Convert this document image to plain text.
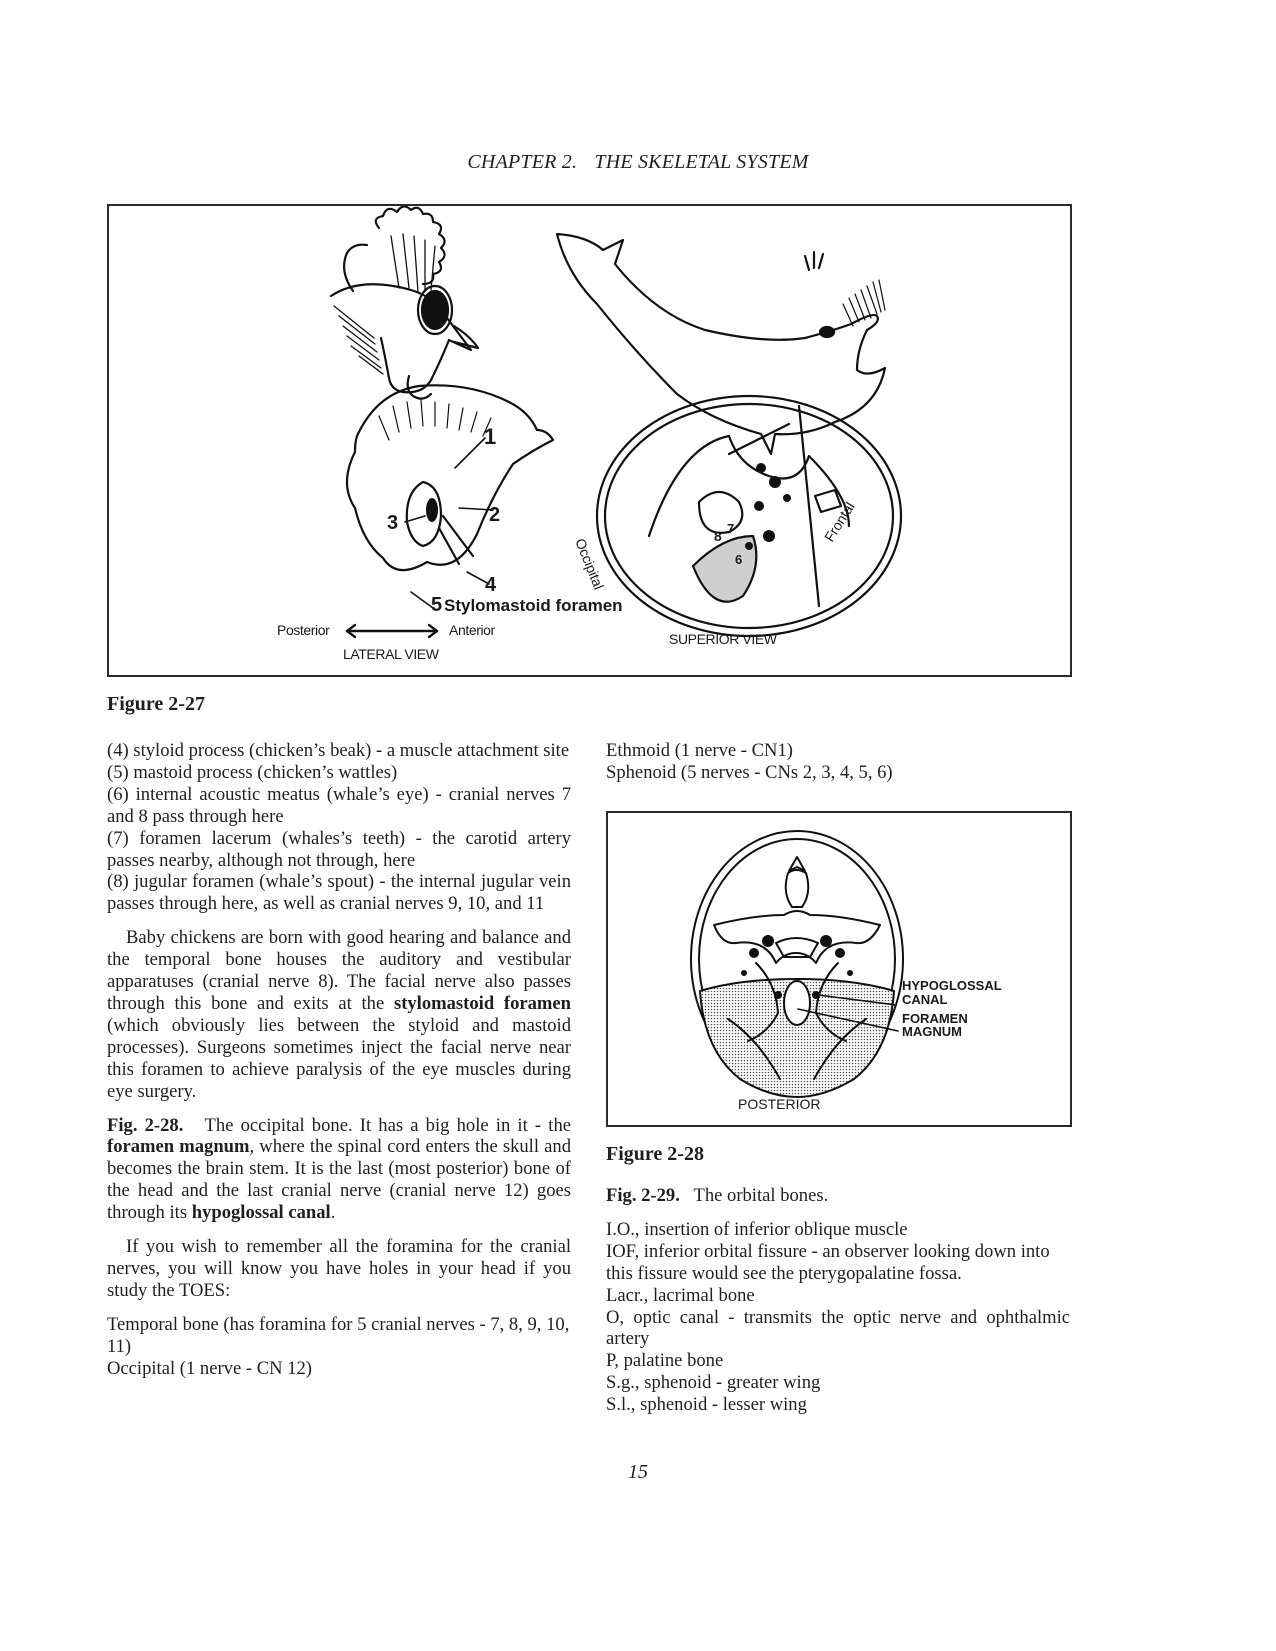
CHAPTER 2. THE SKELETAL SYSTEM
1
2
3
4
5 Stylomastoid foramen
Posterior	Anterior
LATERAL VIEW
SUPERIOR VIEW
Occipital
Frontal
8 7
6
Figure 2-27

(4) styloid process (chicken’s beak) - a muscle attachment site

(5) mastoid process (chicken’s wattles)

(6) internal acoustic meatus (whale’s eye) - cranial nerves 7 and 8 pass through here

(7) foramen lacerum (whales’s teeth) - the carotid artery passes nearby, although not through, here

(8) jugular foramen (whale’s spout) - the internal jugular vein passes through here, as well as cranial nerves 9, 10, and 11

Baby chickens are born with good hearing and balance and the temporal bone houses the auditory and vestibular apparatuses (cranial nerve 8). The facial nerve also passes through this bone and exits at the stylomastoid foramen (which obviously lies between the styloid and mastoid processes). Surgeons sometimes inject the facial nerve near this foramen to achieve paralysis of the eye muscles during eye surgery.

Fig. 2-28. The occipital bone. It has a big hole in it - the foramen magnum, where the spinal cord enters the skull and becomes the brain stem. It is the last (most posterior) bone of the head and the last cranial nerve (cranial nerve 12) goes through its hypoglossal canal.

If you wish to remember all the foramina for the cranial nerves, you will know you have holes in your head if you study the TOES:

Temporal bone (has foramina for 5 cranial nerves - 7, 8, 9, 10, 11)

Occipital (1 nerve - CN 12)

Ethmoid (1 nerve - CN1)

Sphenoid (5 nerves - CNs 2, 3, 4, 5, 6)

HYPOGLOSSAL
CANAL
FORAMEN
MAGNUM
POSTERIOR
Figure 2-28

Fig. 2-29. The orbital bones.

I.O., insertion of inferior oblique muscle

IOF, inferior orbital fissure - an observer looking down into this fissure would see the pterygopalatine fossa.

Lacr., lacrimal bone

O, optic canal - transmits the optic nerve and ophthalmic artery

P, palatine bone

S.g., sphenoid - greater wing

S.l., sphenoid - lesser wing

15
